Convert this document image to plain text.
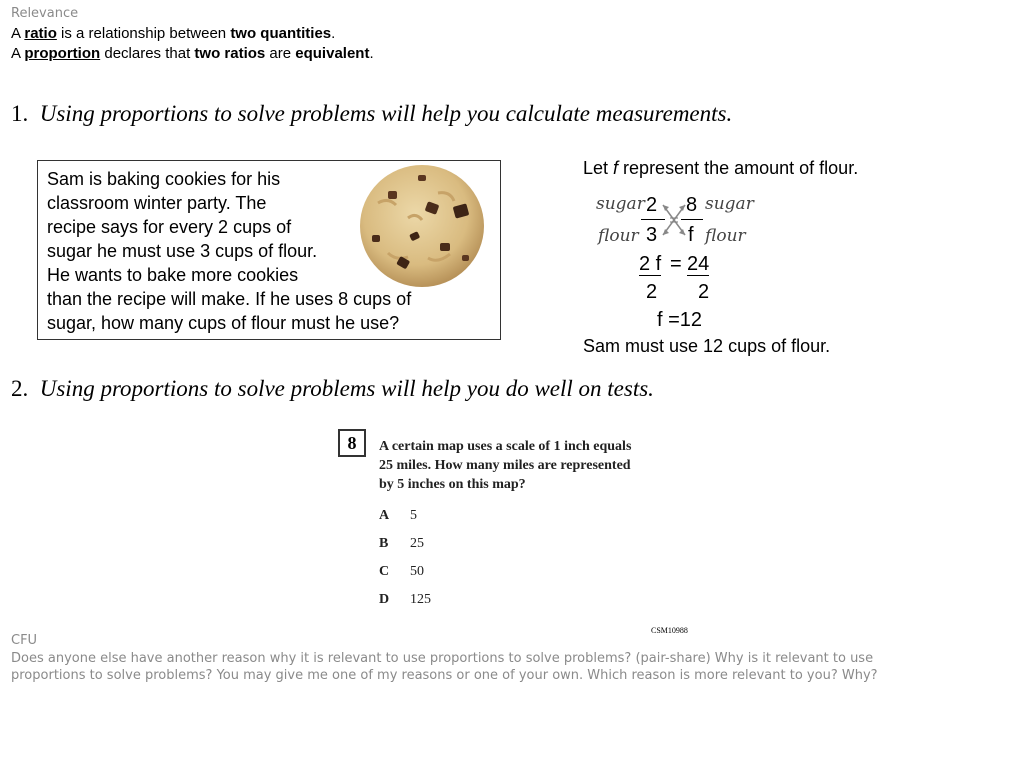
Relevance
A ratio is a relationship between two quantities.
A proportion declares that two ratios are equivalent.
1. Using proportions to solve problems will help you calculate measurements.
Sam is baking cookies for his
classroom winter party. The
recipe says for every 2 cups of
sugar he must use 3 cups of flour.
He wants to bake more cookies
than the recipe will make. If he uses 8 cups of
sugar, how many cups of flour must he use?
Let f represent the amount of flour.
sugar
flour
sugar
flour
2
3
8
f
2 f = 24
2 2
f =12
Sam must use 12 cups of flour.
2. Using proportions to solve problems will help you do well on tests.
8	A certain map uses a scale of 1 inch equals
25 miles. How many miles are represented
by 5 inches on this map?
A 5
B 25
C 50
D 125
CSM10988
CFU
Does anyone else have another reason why it is relevant to use proportions to solve problems? (pair-share) Why is it relevant to use
proportions to solve problems? You may give me one of my reasons or one of your own. Which reason is more relevant to you? Why?
